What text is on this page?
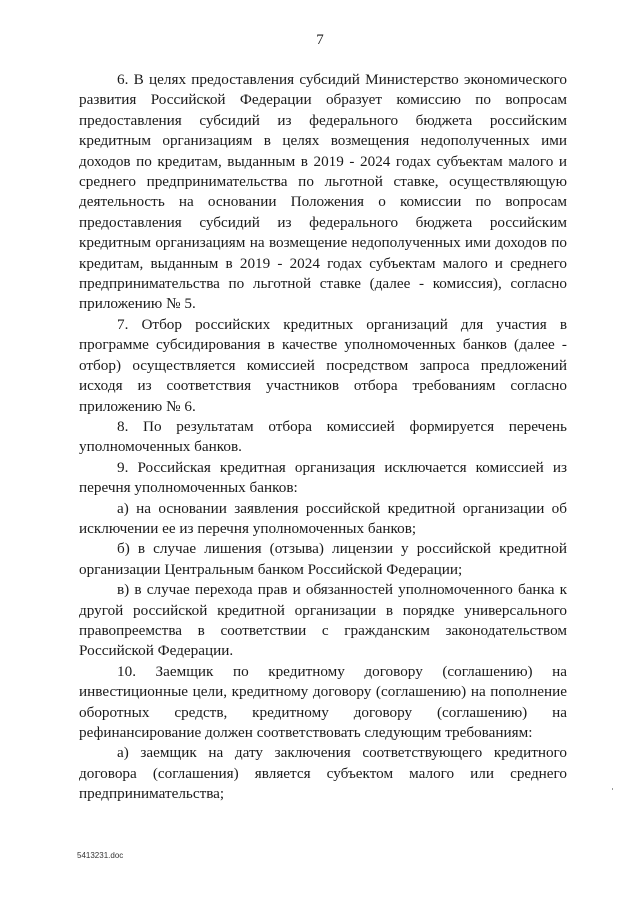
7

6. В целях предоставления субсидий Министерство экономического развития Российской Федерации образует комиссию по вопросам предоставления субсидий из федерального бюджета российским кредитным организациям в целях возмещения недополученных ими доходов по кредитам, выданным в 2019 - 2024 годах субъектам малого и среднего предпринимательства по льготной ставке, осуществляющую деятельность на основании Положения о комиссии по вопросам предоставления субсидий из федерального бюджета российским кредитным организациям на возмещение недополученных ими доходов по кредитам, выданным в 2019 - 2024 годах субъектам малого и среднего предпринимательства по льготной ставке (далее - комиссия), согласно приложению № 5.

7. Отбор российских кредитных организаций для участия в программе субсидирования в качестве уполномоченных банков (далее - отбор) осуществляется комиссией посредством запроса предложений исходя из соответствия участников отбора требованиям согласно приложению № 6.

8. По результатам отбора комиссией формируется перечень уполномоченных банков.

9. Российская кредитная организация исключается комиссией из перечня уполномоченных банков:

а) на основании заявления российской кредитной организации об исключении ее из перечня уполномоченных банков;

б) в случае лишения (отзыва) лицензии у российской кредитной организации Центральным банком Российской Федерации;

в) в случае перехода прав и обязанностей уполномоченного банка к другой российской кредитной организации в порядке универсального правопреемства в соответствии с гражданским законодательством Российской Федерации.

10. Заемщик по кредитному договору (соглашению) на инвестиционные цели, кредитному договору (соглашению) на пополнение оборотных средств, кредитному договору (соглашению) на рефинансирование должен соответствовать следующим требованиям:

а) заемщик на дату заключения соответствующего кредитного договора (соглашения) является субъектом малого или среднего предпринимательства;

5413231.doc
